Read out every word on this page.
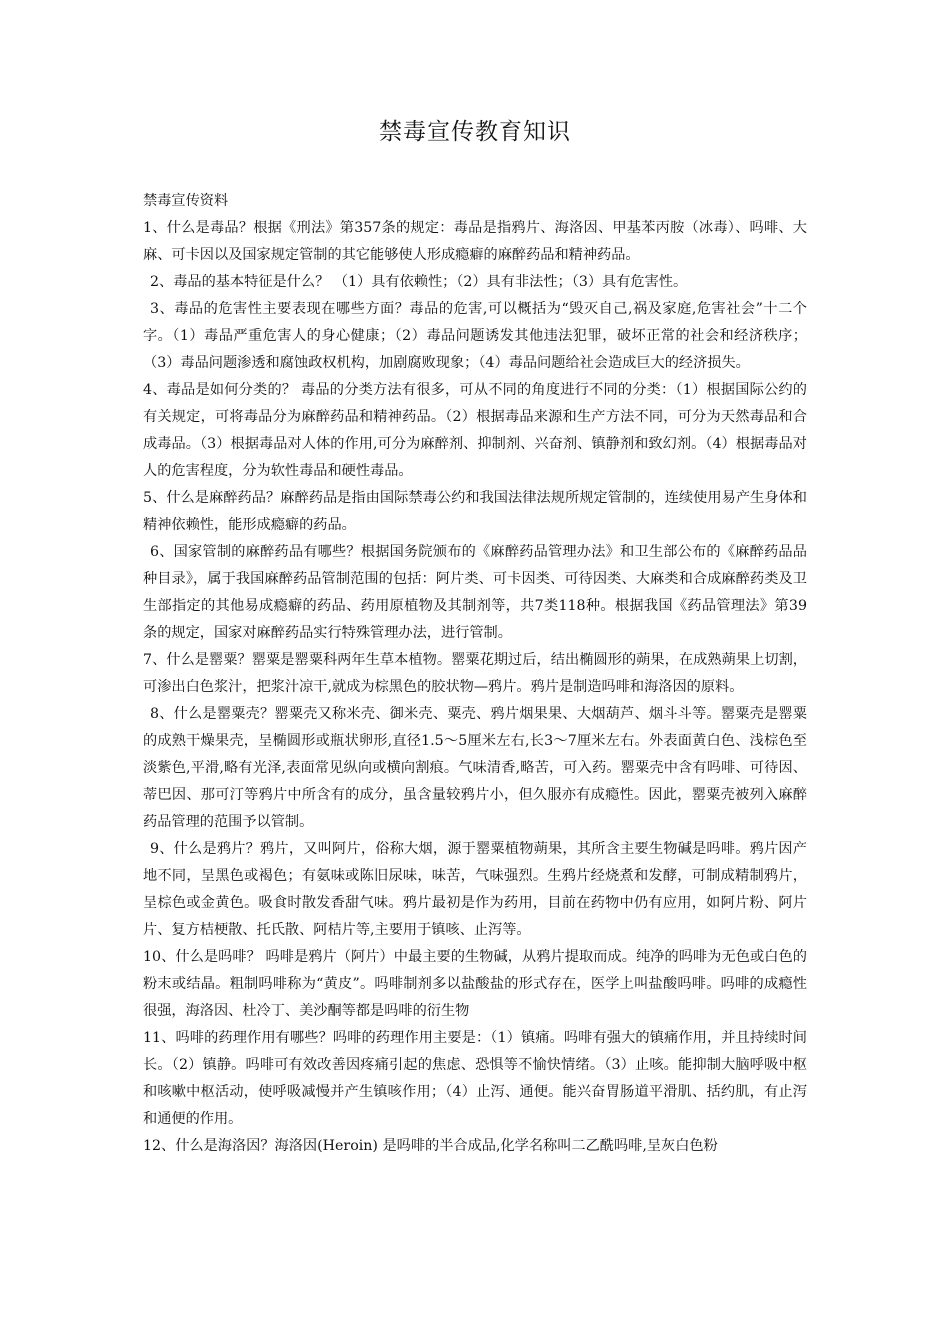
禁毒宣传教育知识

禁毒宣传资料

1、什么是毒品？根据《刑法》第357条的规定：毒品是指鸦片、海洛因、甲基苯丙胺（冰毒）、吗啡、大麻、可卡因以及国家规定管制的其它能够使人形成瘾癖的麻醉药品和精神药品。

2、毒品的基本特征是什么？ （1）具有依赖性；（2）具有非法性；（3）具有危害性。

3、毒品的危害性主要表现在哪些方面？毒品的危害,可以概括为“毁灭自己,祸及家庭,危害社会”十二个字。（1）毒品严重危害人的身心健康；（2）毒品问题诱发其他违法犯罪，破坏正常的社会和经济秩序；（3）毒品问题渗透和腐蚀政权机构，加剧腐败现象；（4）毒品问题给社会造成巨大的经济损失。

4、毒品是如何分类的？ 毒品的分类方法有很多，可从不同的角度进行不同的分类：（1）根据国际公约的有关规定，可将毒品分为麻醉药品和精神药品。（2）根据毒品来源和生产方法不同，可分为天然毒品和合成毒品。（3）根据毒品对人体的作用,可分为麻醉剂、抑制剂、兴奋剂、镇静剂和致幻剂。（4）根据毒品对人的危害程度，分为软性毒品和硬性毒品。

5、什么是麻醉药品？麻醉药品是指由国际禁毒公约和我国法律法规所规定管制的，连续使用易产生身体和精神依赖性，能形成瘾癖的药品。

6、国家管制的麻醉药品有哪些？根据国务院颁布的《麻醉药品管理办法》和卫生部公布的《麻醉药品品种目录》，属于我国麻醉药品管制范围的包括：阿片类、可卡因类、可待因类、大麻类和合成麻醉药类及卫生部指定的其他易成瘾癖的药品、药用原植物及其制剂等，共7类118种。根据我国《药品管理法》第39条的规定，国家对麻醉药品实行特殊管理办法，进行管制。

7、什么是罂粟？罂粟是罂粟科两年生草本植物。罂粟花期过后，结出椭圆形的蒴果，在成熟蒴果上切割，可渗出白色浆汁，把浆汁凉干,就成为棕黑色的胶状物—鸦片。鸦片是制造吗啡和海洛因的原料。

8、什么是罂粟壳？罂粟壳又称米壳、御米壳、粟壳、鸦片烟果果、大烟葫芦、烟斗斗等。罂粟壳是罂粟的成熟干燥果壳，呈椭圆形或瓶状卵形,直径1.5～5厘米左右,长3～7厘米左右。外表面黄白色、浅棕色至淡紫色,平滑,略有光泽,表面常见纵向或横向割痕。气味清香,略苦，可入药。罂粟壳中含有吗啡、可待因、蒂巴因、那可汀等鸦片中所含有的成分，虽含量较鸦片小，但久服亦有成瘾性。因此，罂粟壳被列入麻醉药品管理的范围予以管制。

9、什么是鸦片？鸦片，又叫阿片，俗称大烟，源于罂粟植物蒴果，其所含主要生物碱是吗啡。鸦片因产地不同，呈黑色或褐色；有氨味或陈旧尿味，味苦，气味强烈。生鸦片经烧煮和发酵，可制成精制鸦片，呈棕色或金黄色。吸食时散发香甜气味。鸦片最初是作为药用，目前在药物中仍有应用，如阿片粉、阿片片、复方桔梗散、托氏散、阿桔片等,主要用于镇咳、止泻等。

10、什么是吗啡？ 吗啡是鸦片（阿片）中最主要的生物碱，从鸦片提取而成。纯净的吗啡为无色或白色的粉末或结晶。粗制吗啡称为“黄皮”。吗啡制剂多以盐酸盐的形式存在，医学上叫盐酸吗啡。吗啡的成瘾性很强，海洛因、杜冷丁、美沙酮等都是吗啡的衍生物

11、吗啡的药理作用有哪些？吗啡的药理作用主要是：（1）镇痛。吗啡有强大的镇痛作用，并且持续时间长。（2）镇静。吗啡可有效改善因疼痛引起的焦虑、恐惧等不愉快情绪。（3）止咳。能抑制大脑呼吸中枢和咳嗽中枢活动，使呼吸减慢并产生镇咳作用；（4）止泻、通便。能兴奋胃肠道平滑肌、括约肌，有止泻和通便的作用。

12、什么是海洛因？海洛因(Heroin) 是吗啡的半合成品,化学名称叫二乙酰吗啡,呈灰白色粉
